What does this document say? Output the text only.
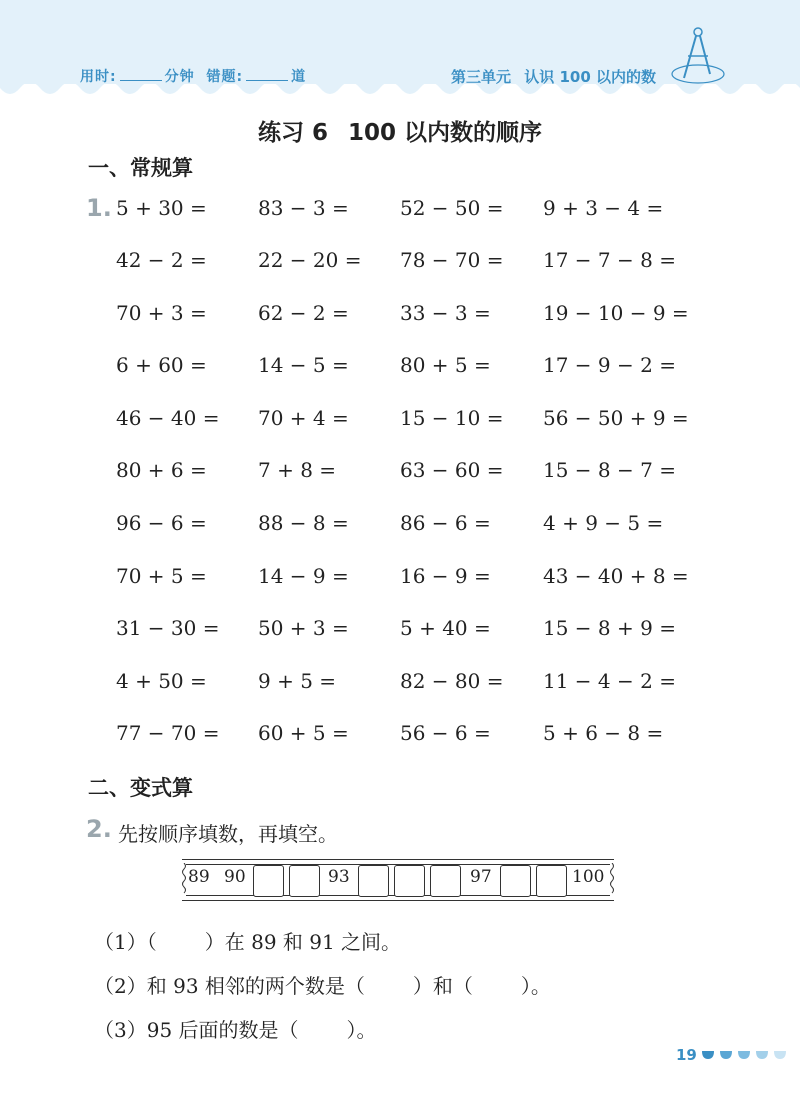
用时:	分钟 错题:	道	第三单元 认识 100 以内的数
练习 6 100 以内数的顺序
一、常规算
1. 5 + 30 =	83 − 3 =	52 − 50 = 9 + 3 − 4 =
42 − 2 =	22 − 20 = 78 − 70 = 17 − 7 − 8 =
70 + 3 =	62 − 2 =	33 − 3 =	19 − 10 − 9 =
6 + 60 =	14 − 5 =	80 + 5 =	17 − 9 − 2 =
46 − 40 = 70 + 4 =	15 − 10 = 56 − 50 + 9 =
80 + 6 =	7 + 8 =	63 − 60 = 15 − 8 − 7 =
96 − 6 =	88 − 8 =	86 − 6 =	4 + 9 − 5 =
70 + 5 =	14 − 9 =	16 − 9 =	43 − 40 + 8 =
31 − 30 = 50 + 3 =	5 + 40 =	15 − 8 + 9 =
4 + 50 =	9 + 5 =	82 − 80 = 11 − 4 − 2 =
77 − 70 = 60 + 5 =	56 − 6 =	5 + 6 − 8 =
二、变式算
2. 先按顺序填数，再填空。
89 90	93	97	100
（1）（ ）在 89 和 91 之间。
（2）和 93 相邻的两个数是（ ）和（ ）。
（3）95 后面的数是（ ）。
19
